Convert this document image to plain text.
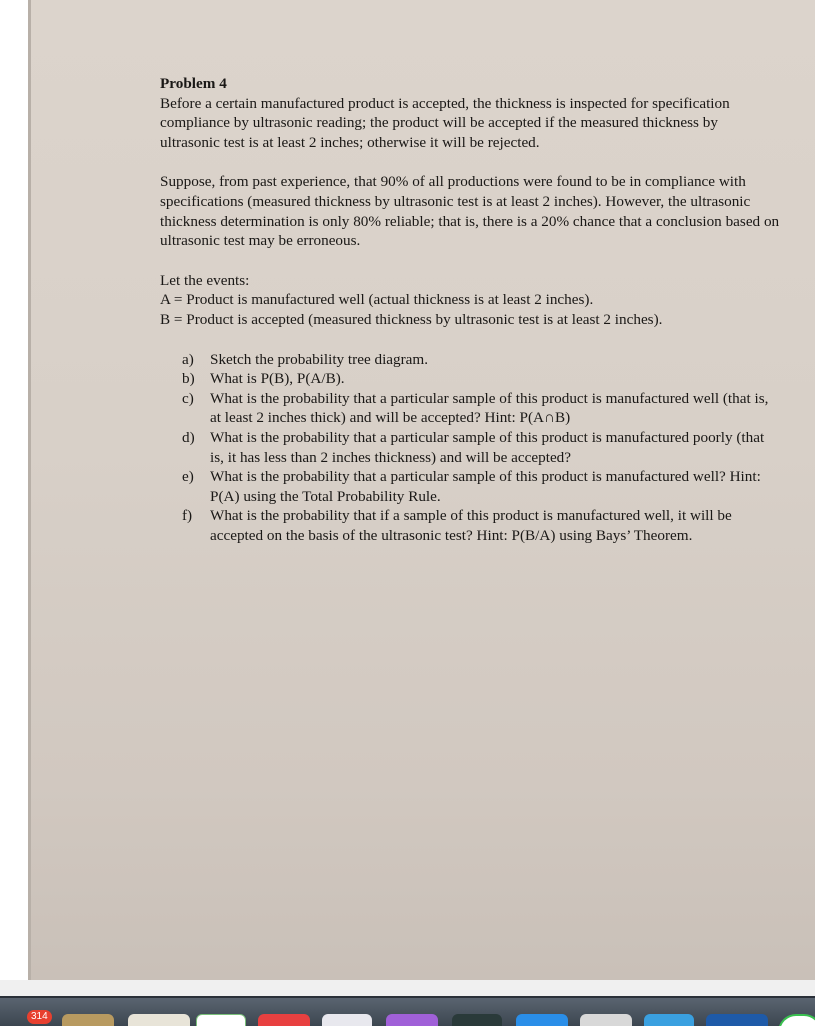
Problem 4

Before a certain manufactured product is accepted, the thickness is inspected for specification compliance by ultrasonic reading; the product will be accepted if the measured thickness by ultrasonic test is at least 2 inches; otherwise it will be rejected.

Suppose, from past experience, that 90% of all productions were found to be in compliance with specifications (measured thickness by ultrasonic test is at least 2 inches). However, the ultrasonic thickness determination is only 80% reliable; that is, there is a 20% chance that a conclusion based on ultrasonic test may be erroneous.

Let the events:

A = Product is manufactured well (actual thickness is at least 2 inches).

B = Product is accepted (measured thickness by ultrasonic test is at least 2 inches).

a) Sketch the probability tree diagram.
b) What is P(B), P(A/B).
c) What is the probability that a particular sample of this product is manufactured well (that is, at least 2 inches thick) and will be accepted? Hint: P(A∩B)
d) What is the probability that a particular sample of this product is manufactured poorly (that is, it has less than 2 inches thickness) and will be accepted?
e) What is the probability that a particular sample of this product is manufactured well? Hint: P(A) using the Total Probability Rule.
f) What is the probability that if a sample of this product is manufactured well, it will be accepted on the basis of the ultrasonic test? Hint: P(B/A) using Bays’ Theorem.
314
